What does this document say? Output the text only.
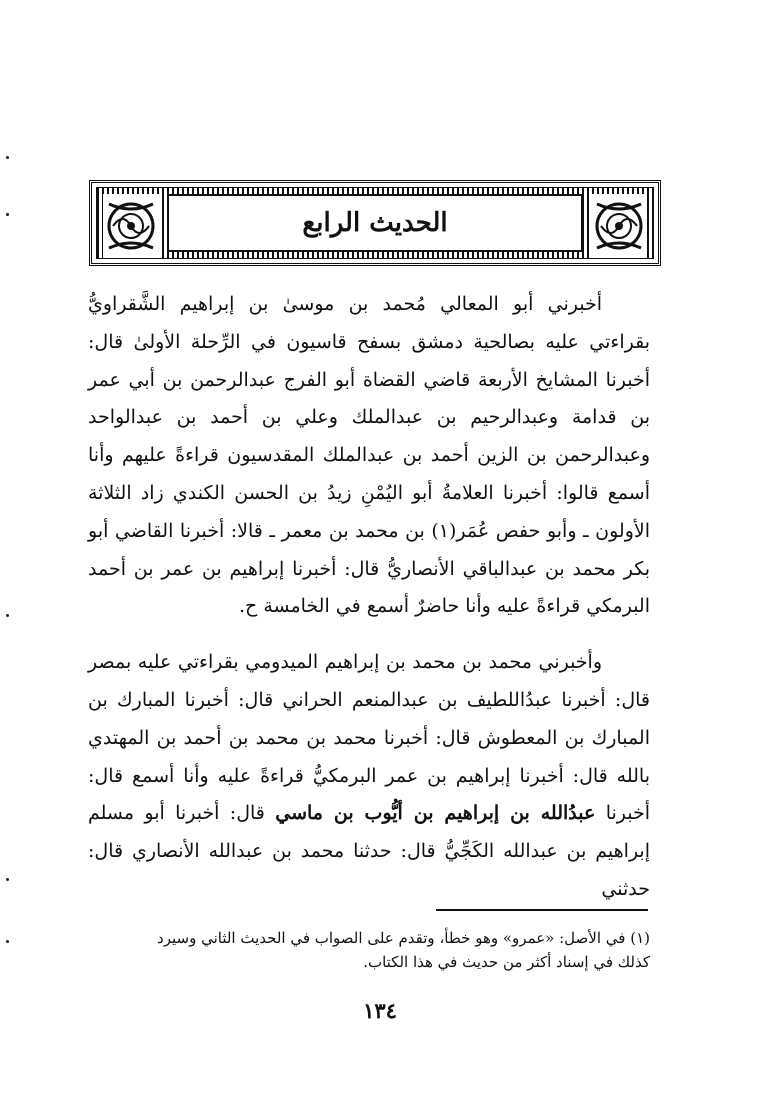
الحديث الرابع

أخبرني أبو المعالي مُحمد بن موسىٰ بن إبراهيم الشَّقراويُّ بقراءتي عليه بصالحية دمشق بسفح قاسيون في الرِّحلة الأولىٰ قال: أخبرنا المشايخ الأربعة قاضي القضاة أبو الفرج عبدالرحمن بن أبي عمر بن قدامة وعبدالرحيم بن عبدالملك وعلي بن أحمد بن عبدالواحد وعبدالرحمن بن الزين أحمد بن عبدالملك المقدسيون قراءةً عليهم وأنا أسمع قالوا: أخبرنا العلامةُ أبو اليُمْنِ زيدُ بن الحسن الكندي زاد الثلاثة الأولون ـ وأبو حفص عُمَر(١) بن محمد بن معمر ـ قالا: أخبرنا القاضي أبو بكر محمد بن عبدالباقي الأنصاريُّ قال: أخبرنا إبراهيم بن عمر بن أحمد البرمكي قراءةً عليه وأنا حاضرٌ أسمع في الخامسة ح.

وأخبرني محمد بن محمد بن إبراهيم الميدومي بقراءتي عليه بمصر قال: أخبرنا عبدُاللطيف بن عبدالمنعم الحراني قال: أخبرنا المبارك بن المبارك بن المعطوش قال: أخبرنا محمد بن محمد بن أحمد بن المهتدي بالله قال: أخبرنا إبراهيم بن عمر البرمكيُّ قراءةً عليه وأنا أسمع قال: أخبرنا عبدُالله بن إبراهيم بن أيُّوب بن ماسي قال: أخبرنا أبو مسلم إبراهيم بن عبدالله الكَجِّيُّ قال: حدثنا محمد بن عبدالله الأنصاري قال: حدثني

(١) في الأصل: «عمرو» وهو خطأ، وتقدم على الصواب في الحديث الثاني وسيرد

كذلك في إسناد أكثر من حديث في هذا الكتاب.

١٣٤
